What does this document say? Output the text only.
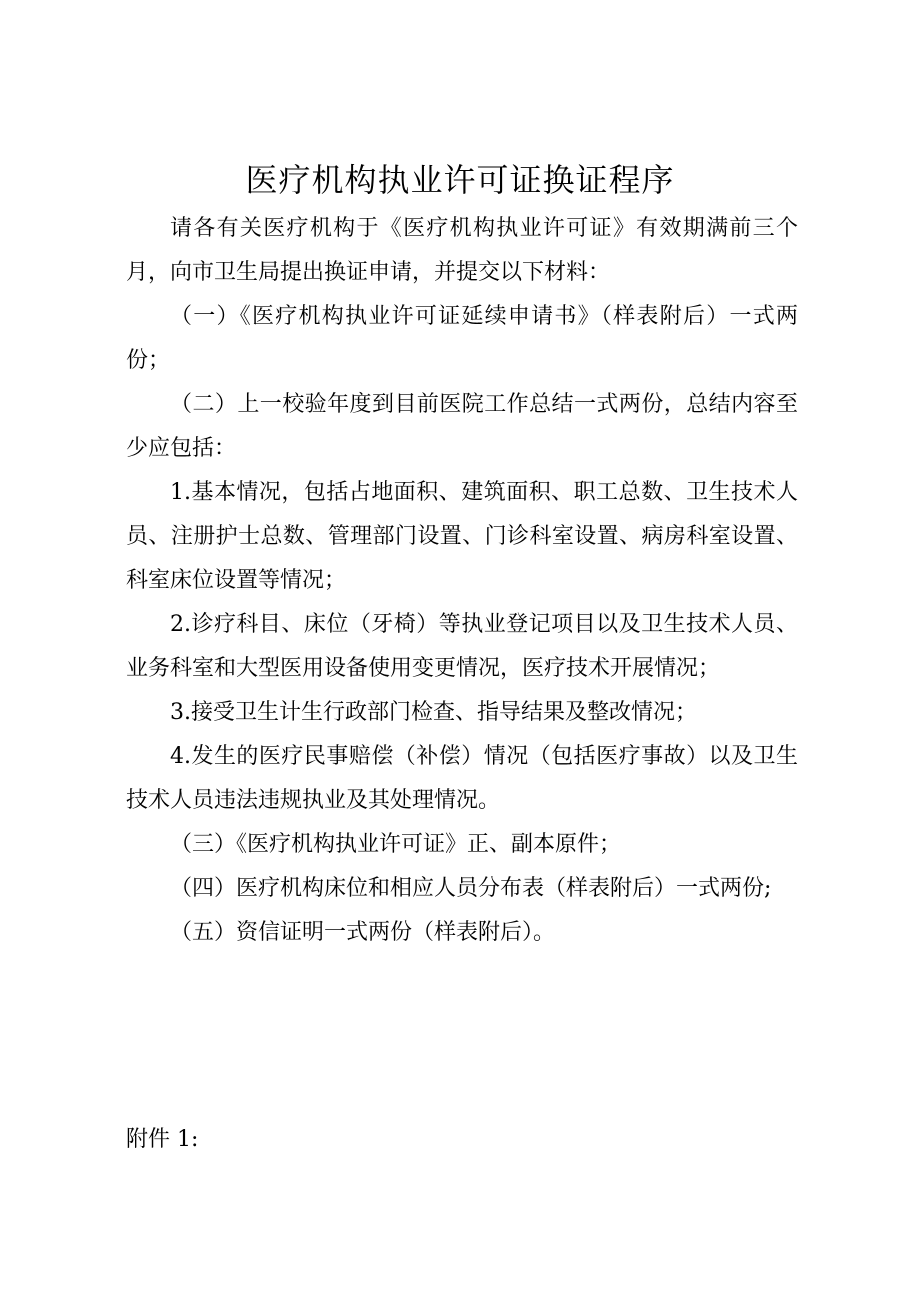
医疗机构执业许可证换证程序

请各有关医疗机构于《医疗机构执业许可证》有效期满前三个月，向市卫生局提出换证申请，并提交以下材料：

（一）《医疗机构执业许可证延续申请书》（样表附后）一式两份；

（二）上一校验年度到目前医院工作总结一式两份，总结内容至少应包括：

1.基本情况，包括占地面积、建筑面积、职工总数、卫生技术人员、注册护士总数、管理部门设置、门诊科室设置、病房科室设置、科室床位设置等情况；

2.诊疗科目、床位（牙椅）等执业登记项目以及卫生技术人员、业务科室和大型医用设备使用变更情况，医疗技术开展情况；

3.接受卫生计生行政部门检查、指导结果及整改情况；

4.发生的医疗民事赔偿（补偿）情况（包括医疗事故）以及卫生技术人员违法违规执业及其处理情况。

（三）《医疗机构执业许可证》正、副本原件；

（四）医疗机构床位和相应人员分布表（样表附后）一式两份;

（五）资信证明一式两份（样表附后）。

附件 1:
